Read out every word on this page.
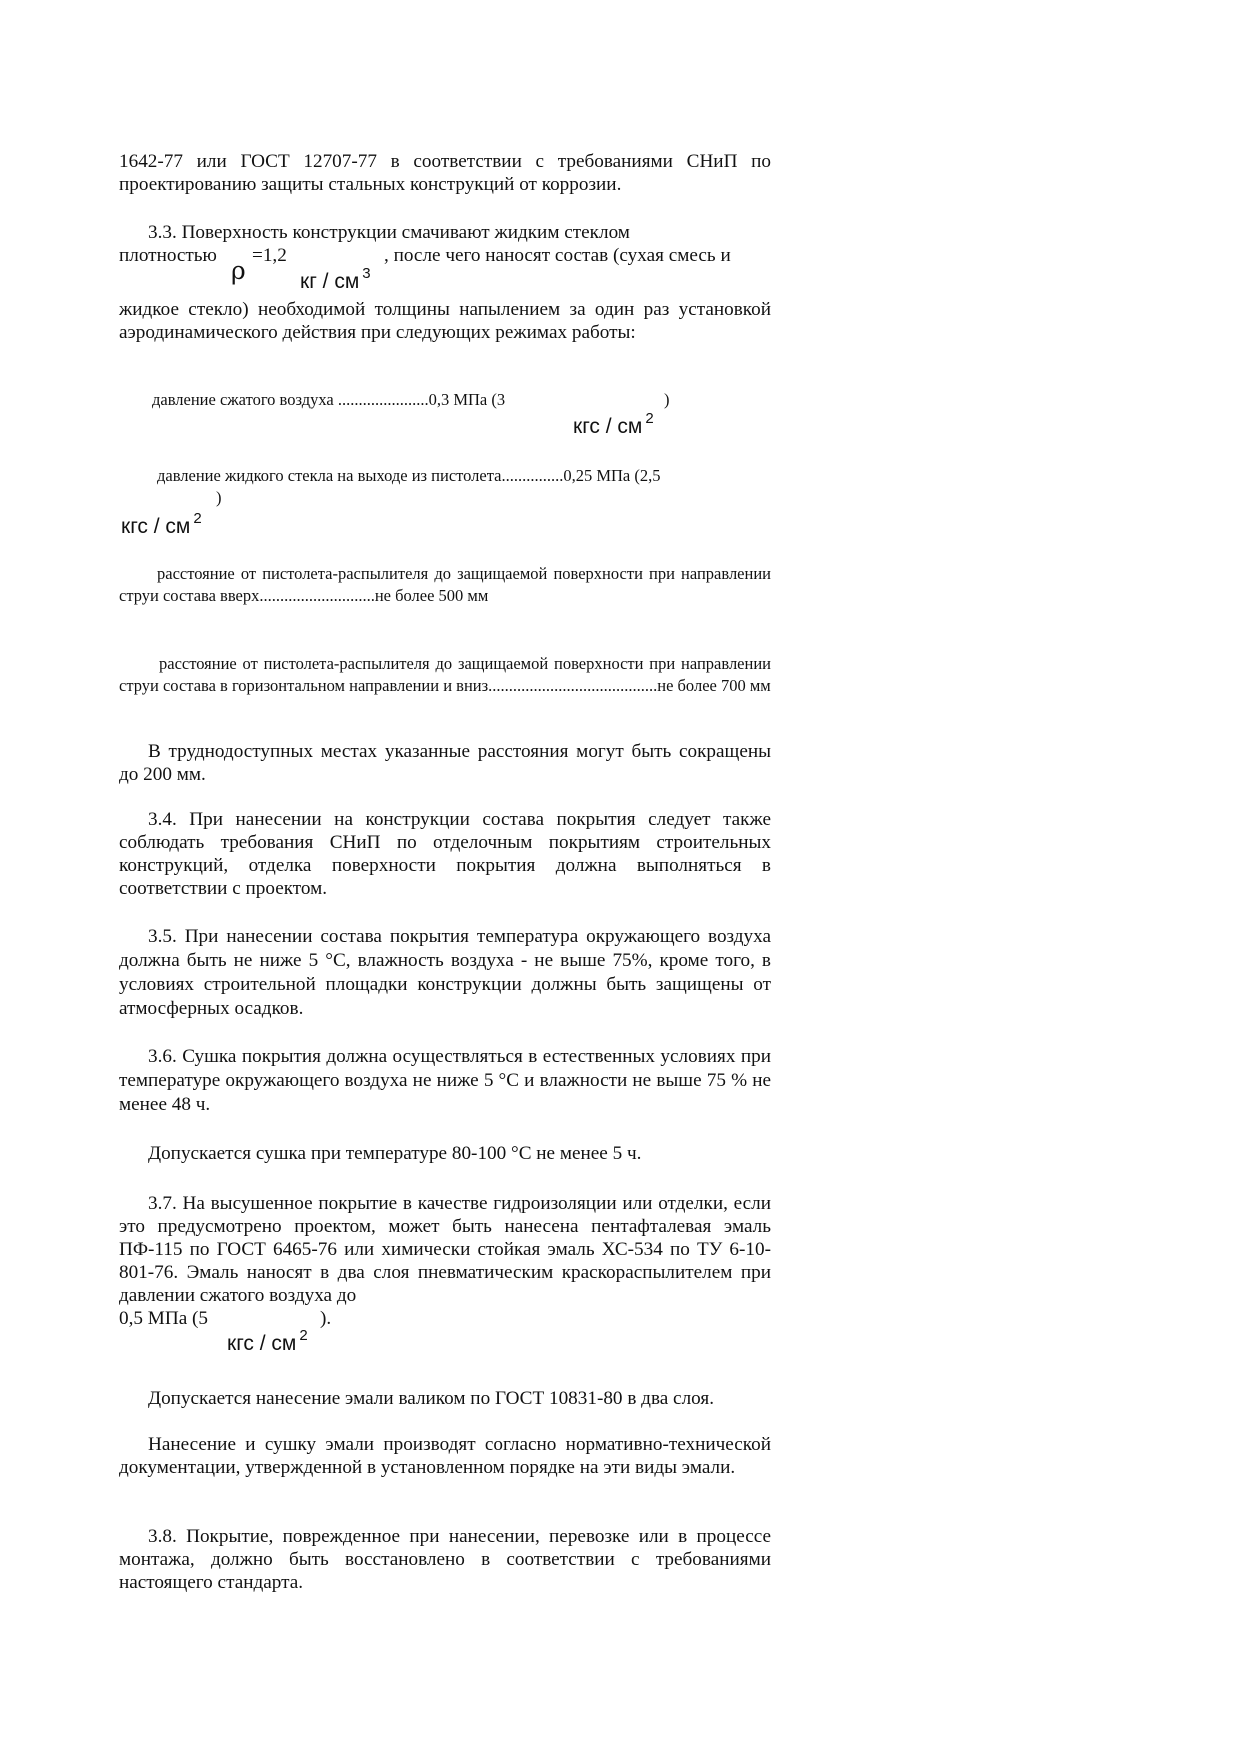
1642-77 или ГОСТ 12707-77 в соответствии с требованиями СНиП по проектированию защиты стальных конструкций от коррозии.

3.3. Поверхность конструкции смачивают жидким стеклом

плотностью =1,2	, после чего наносят состав (сухая смесь и
ρ	кг / см $^3$

жидкое стекло) необходимой толщины напылением за один раз установкой аэродинамического действия при следующих режимах работы:

давление сжатого воздуха ......................0,3 МПа (3	)
кгс / см $^2$

давление жидкого стекла на выходе из пистолета...............0,25 МПа (2,5

)
кгс / см $^2$

расстояние от пистолета-распылителя до защищаемой поверхности при направлении струи состава вверх............................не более 500 мм

расстояние от пистолета-распылителя до защищаемой поверхности при направлении струи состава в горизонтальном направлении и вниз.........................................не более 700 мм

В труднодоступных местах указанные расстояния могут быть сокращены до 200 мм.

3.4. При нанесении на конструкции состава покрытия следует также соблюдать требования СНиП по отделочным покрытиям строительных конструкций, отделка поверхности покрытия должна выполняться в соответствии с проектом.

3.5. При нанесении состава покрытия температура окружающего воздуха должна быть не ниже 5 °С, влажность воздуха - не выше 75%, кроме того, в условиях строительной площадки конструкции должны быть защищены от атмосферных осадков.

3.6. Сушка покрытия должна осуществляться в естественных условиях при температуре окружающего воздуха не ниже 5 °С и влажности не выше 75 % не менее 48 ч.

Допускается сушка при температуре 80-100 °С не менее 5 ч.

3.7. На высушенное покрытие в качестве гидроизоляции или отделки, если это предусмотрено проектом, может быть нанесена пентафталевая эмаль ПФ-115 по ГОСТ 6465-76 или химически стойкая эмаль ХС-534 по ТУ 6-10-801-76. Эмаль наносят в два слоя пневматическим краскораспылителем при давлении сжатого воздуха до

0,5 МПа (5	).
кгс / см $^2$

Допускается нанесение эмали валиком по ГОСТ 10831-80 в два слоя.

Нанесение и сушку эмали производят согласно нормативно-технической документации, утвержденной в установленном порядке на эти виды эмали.

3.8. Покрытие, поврежденное при нанесении, перевозке или в процессе монтажа, должно быть восстановлено в соответствии с требованиями настоящего стандарта.
